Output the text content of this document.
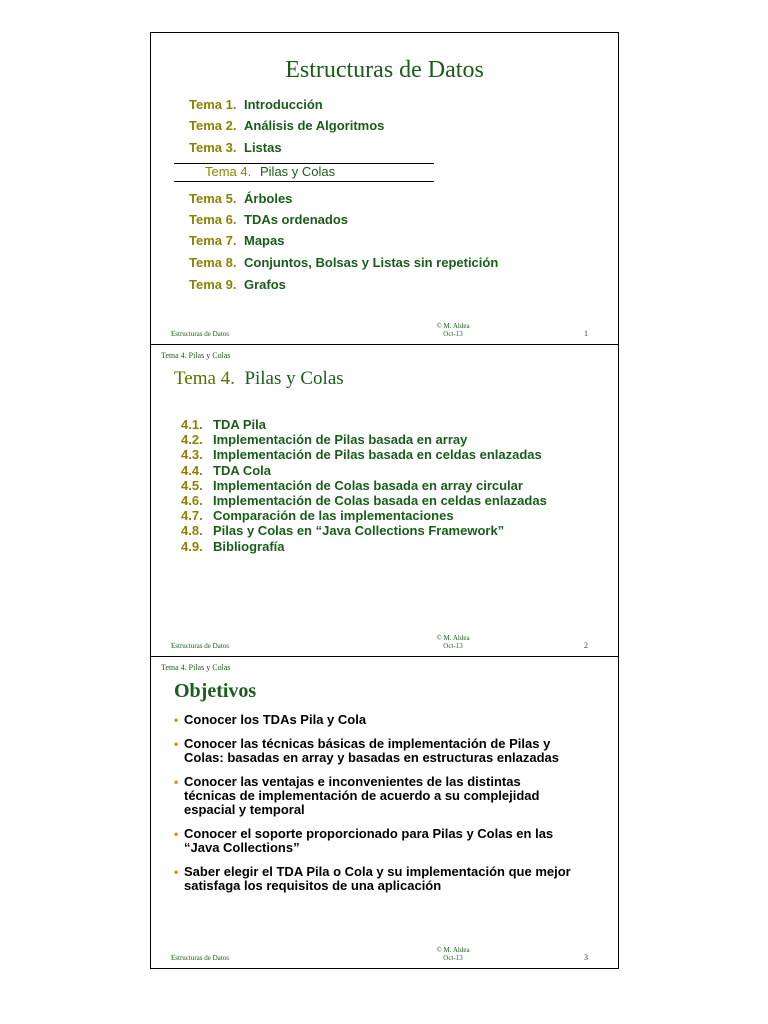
Estructuras de Datos
Tema 1. Introducción
Tema 2. Análisis de Algoritmos
Tema 3. Listas
Tema 4. Pilas y Colas
Tema 5. Árboles
Tema 6. TDAs ordenados
Tema 7. Mapas
Tema 8. Conjuntos, Bolsas y Listas sin repetición
Tema 9. Grafos
Estructuras de Datos
© M. Aldea
Oct-13	1
Tema 4. Pilas y Colas
Tema 4. Pilas y Colas
4.1. TDA Pila
4.2. Implementación de Pilas basada en array
4.3. Implementación de Pilas basada en celdas enlazadas
4.4. TDA Cola
4.5. Implementación de Colas basada en array circular
4.6. Implementación de Colas basada en celdas enlazadas
4.7. Comparación de las implementaciones
4.8. Pilas y Colas en “Java Collections Framework”
4.9. Bibliografía
Estructuras de Datos
© M. Aldea
Oct-13	2
Tema 4. Pilas y Colas
Objetivos
• Conocer los TDAs Pila y Cola
• Conocer las técnicas básicas de implementación de Pilas y Colas: basadas en array y basadas en estructuras enlazadas
• Conocer las ventajas e inconvenientes de las distintas técnicas de implementación de acuerdo a su complejidad espacial y temporal
• Conocer el soporte proporcionado para Pilas y Colas en las “Java Collections”
• Saber elegir el TDA Pila o Cola y su implementación que mejor satisfaga los requisitos de una aplicación
Estructuras de Datos
© M. Aldea
Oct-13	3
